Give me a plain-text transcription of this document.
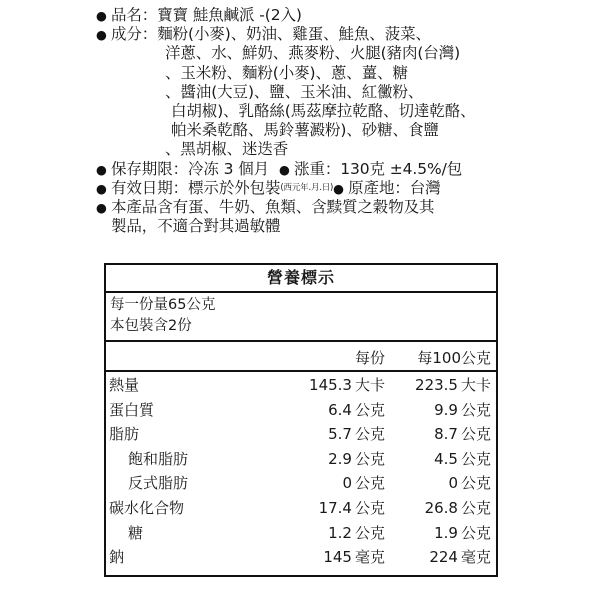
●
品名： 寶寶 鮭魚鹹派 -(2入)
●
成分： 麵粉(小麥)、奶油、雞蛋、鮭魚、菠菜、
洋蔥、水、鮮奶、燕麥粉、火腿(豬肉(台灣)
、玉米粉、麵粉(小麥)、蔥、薑、糖
、醬油(大豆)、鹽、玉米油、紅黴粉、
白胡椒)、乳酪絲(馬茲摩拉乾酪、切達乾酪、
帕米桑乾酪、馬鈴薯澱粉)、砂糖、食鹽
、黑胡椒、迷迭香
●
保存期限： 冷冻 3 個月 ● 涨重： 130克 ±4.5%/包
●
有效日期： 標示於外包裝 (西元年.月.日) ● 原產地： 台灣
●
本產品含有蛋、牛奶、魚類、含黩質之穀物及其
製品，不適合對其過敏體
營養標示
每一份量65公克
本包裝含2份
每份	每100公克
熱量	145.3 大卡	223.5 大卡
蛋白質	6.4 公克	9.9 公克
脂肪	5.7 公克	8.7 公克
飽和脂肪	2.9 公克	4.5 公克
反式脂肪	0 公克	0 公克
碳水化合物	17.4 公克	26.8 公克
糖	1.2 公克	1.9 公克
鈉	145 毫克	224 毫克
